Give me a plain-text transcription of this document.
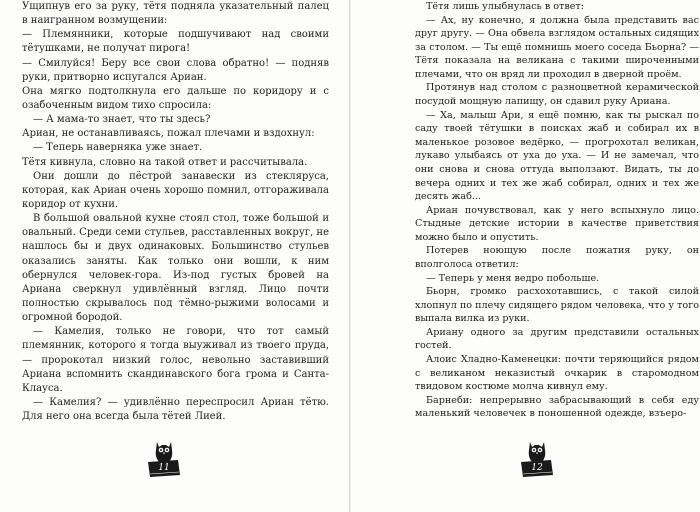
Ущипнув его за руку, тётя подняла указательный палец в наигранном возмущении:

— Племянники, которые подшучивают над своими тётушками, не получат пирога!

— Смилуйся! Беру все свои слова обратно! — подняв руки, притворно испугался Ариан.

Она мягко подтолкнула его дальше по коридору и с озабоченным видом тихо спросила:

— А мама-то знает, что ты здесь?

Ариан, не останавливаясь, пожал плечами и вздохнул:

— Теперь наверняка уже знает.

Тётя кивнула, словно на такой ответ и рассчитывала.

Они дошли до пёстрой занавески из стекляруса, которая, как Ариан очень хорошо помнил, отгораживала коридор от кухни.

В большой овальной кухне стоял стол, тоже большой и овальный. Среди семи стульев, расставленных вокруг, не нашлось бы и двух одинаковых. Большинство стульев оказались заняты. Как только они вошли, к ним обернулся человек-гора. Из-под густых бровей на Ариана сверкнул удивлённый взгляд. Лицо почти полностью скрывалось под тёмно-рыжими волосами и огромной бородой.

— Камелия, только не говори, что тот самый племянник, которого я тогда выуживал из твоего пруда, — пророкотал низкий голос, невольно заставивший Ариана вспомнить скандинавского бога грома и Санта-Клауса.

— Камелия? — удивлённо переспросил Ариан тётю. Для него она всегда была тётей Лией.

11

Тётя лишь улыбнулась в ответ:

— Ах, ну конечно, я должна была представить вас друг другу. — Она обвела взглядом остальных сидящих за столом. — Ты ещё помнишь моего соседа Бьорна? — Тётя показала на великана с такими широченными плечами, что он вряд ли проходил в дверной проём.

Протянув над столом с разноцветной керамической посудой мощную лапищу, он сдавил руку Ариана.

— Ха, малыш Ари, я ещё помню, как ты рыскал по саду твоей тётушки в поисках жаб и собирал их в маленькое розовое ведёрко, — прогрохотал великан, лукаво улыбаясь от уха до уха. — И не замечал, что они снова и снова оттуда выползают. Видать, ты до вечера одних и тех же жаб собирал, одних и тех же десять жаб...

Ариан почувствовал, как у него вспыхнуло лицо. Стыдные детские истории в качестве приветствия можно было и опустить.

Потерев ноющую после пожатия руку, он вполголоса ответил:

— Теперь у меня ведро побольше.

Бьорн, громко расхохотавшись, с такой силой хлопнул по плечу сидящего рядом человека, что у того выпала вилка из руки.

Ариану одного за другим представили остальных гостей.

Алоис Хладно-Каменецки: почти теряющийся рядом с великаном неказистый очкарик в старомодном твидовом костюме молча кивнул ему.

Барнеби: непрерывно забрасывающий в себя еду маленький человечек в поношенной одежде, взъеро-

12
